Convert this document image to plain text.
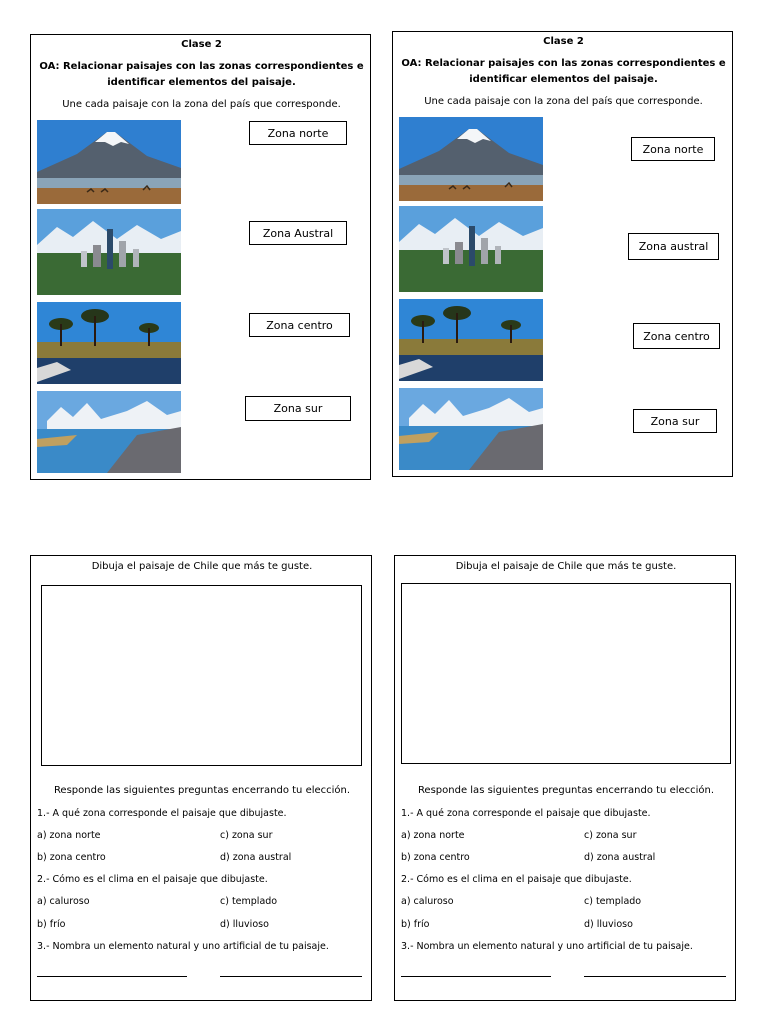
Clase 2
OA: Relacionar paisajes con las zonas correspondientes e
identificar elementos del paisaje.
Une cada paisaje con la zona del país que corresponde.
Zona norte
Zona Austral
Zona centro
Zona sur
Clase 2
OA: Relacionar paisajes con las zonas correspondientes e
identificar elementos del paisaje.
Une cada paisaje con la zona del país que corresponde.
Zona norte
Zona austral
Zona centro
Zona sur
Dibuja el paisaje de Chile que más te guste.
Responde las siguientes preguntas encerrando tu elección.
1.- A qué zona corresponde el paisaje que dibujaste.
a) zona norte	c) zona sur
b) zona centro	d) zona austral
2.- Cómo es el clima en el paisaje que dibujaste.
a) caluroso	c) templado
b) frío	d) lluvioso
3.- Nombra un elemento natural y uno artificial de tu paisaje.
Dibuja el paisaje de Chile que más te guste.
Responde las siguientes preguntas encerrando tu elección.
1.- A qué zona corresponde el paisaje que dibujaste.
a) zona norte	c) zona sur
b) zona centro	d) zona austral
2.- Cómo es el clima en el paisaje que dibujaste.
a) caluroso	c) templado
b) frío	d) lluvioso
3.- Nombra un elemento natural y uno artificial de tu paisaje.
